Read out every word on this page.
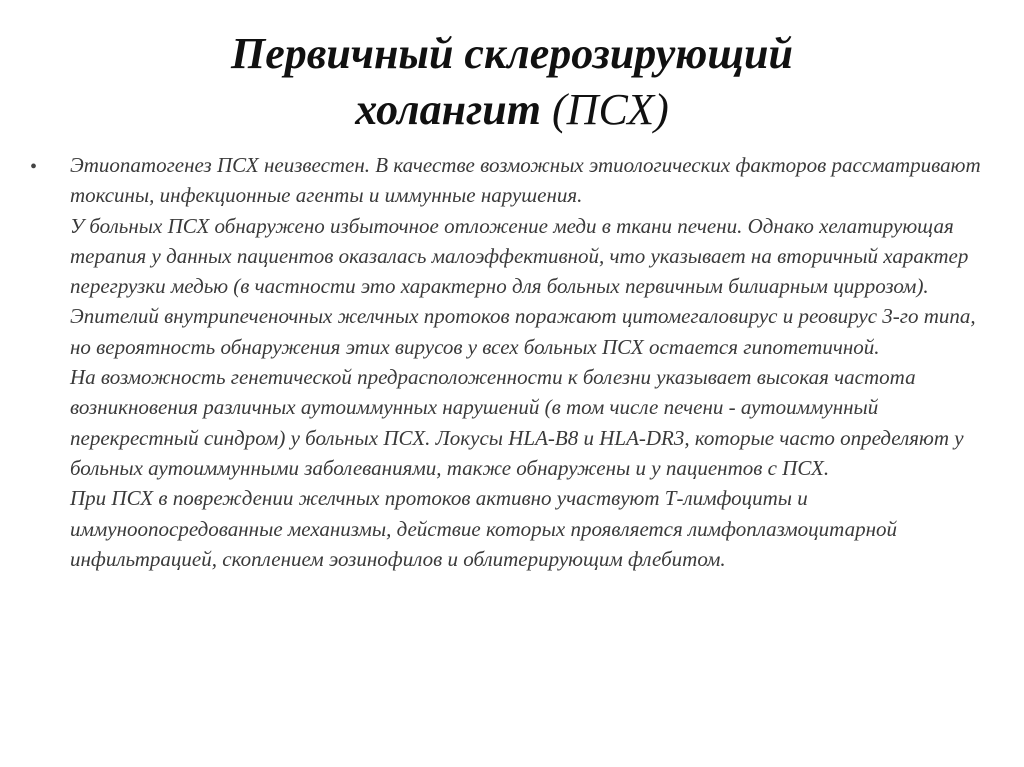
Первичный склерозирующий
холангит (ПСХ)
• Этиопатогенез ПСХ неизвестен. В качестве возможных этиологических факторов рассматривают токсины, инфекционные агенты и иммунные нарушения.
У больных ПСХ обнаружено избыточное отложение меди в ткани печени. Однако хелатирующая терапия у данных пациентов оказалась малоэффективной, что указывает на вторичный характер перегрузки медью (в частности это характерно для больных первичным билиарным циррозом).
Эпителий внутрипеченочных желчных протоков поражают цитомегаловирус и реовирус 3-го типа, но вероятность обнаружения этих вирусов у всех больных ПСХ остается гипотетичной.
На возможность генетической предрасположенности к болезни указывает высокая частота возникновения различных аутоиммунных нарушений (в том числе печени - аутоиммунный перекрестный синдром) у больных ПСХ. Локусы HLA-B8 и HLA-DR3, которые часто определяют у больных аутоиммунными заболеваниями, также обнаружены и у пациентов с ПСХ.
При ПСХ в повреждении желчных протоков активно участвуют Т-лимфоциты и иммуноопосредованные механизмы, действие которых проявляется лимфоплазмоцитарной инфильтрацией, скоплением эозинофилов и облитерирующим флебитом.
